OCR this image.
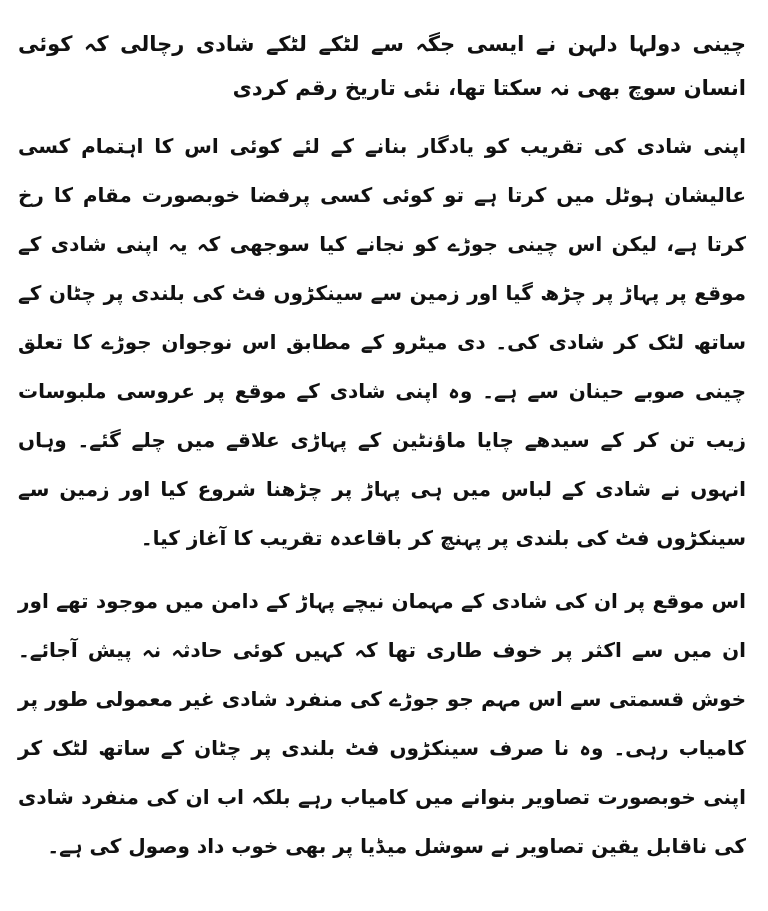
چینی دولہا دلہن نے ایسی جگہ سے لٹکے لٹکے شادی رچالی کہ کوئی انسان سوچ بھی نہ سکتا تھا، نئی تاریخ رقم کردی

اپنی شادی کی تقریب کو یادگار بنانے کے لئے کوئی اس کا اہتمام کسی عالیشان ہوٹل میں کرتا ہے تو کوئی کسی پرفضا خوبصورت مقام کا رخ کرتا ہے، لیکن اس چینی جوڑے کو نجانے کیا سوجھی کہ یہ اپنی شادی کے موقع پر پہاڑ پر چڑھ گیا اور زمین سے سینکڑوں فٹ کی بلندی پر چٹان کے ساتھ لٹک کر شادی کی۔ دی میٹرو کے مطابق اس نوجوان جوڑے کا تعلق چینی صوبے حینان سے ہے۔ وہ اپنی شادی کے موقع پر عروسی ملبوسات زیب تن کر کے سیدھے چایا ماؤنٹین کے پہاڑی علاقے میں چلے گئے۔ وہاں انہوں نے شادی کے لباس میں ہی پہاڑ پر چڑھنا شروع کیا اور زمین سے سینکڑوں فٹ کی بلندی پر پہنچ کر باقاعدہ تقریب کا آغاز کیا۔

اس موقع پر ان کی شادی کے مہمان نیچے پہاڑ کے دامن میں موجود تھے اور ان میں سے اکثر پر خوف طاری تھا کہ کہیں کوئی حادثہ نہ پیش آجائے۔ خوش قسمتی سے اس مہم جو جوڑے کی منفرد شادی غیر معمولی طور پر کامیاب رہی۔ وہ نا صرف سینکڑوں فٹ بلندی پر چٹان کے ساتھ لٹک کر اپنی خوبصورت تصاویر بنوانے میں کامیاب رہے بلکہ اب ان کی منفرد شادی کی ناقابل یقین تصاویر نے سوشل میڈیا پر بھی خوب داد وصول کی ہے۔
